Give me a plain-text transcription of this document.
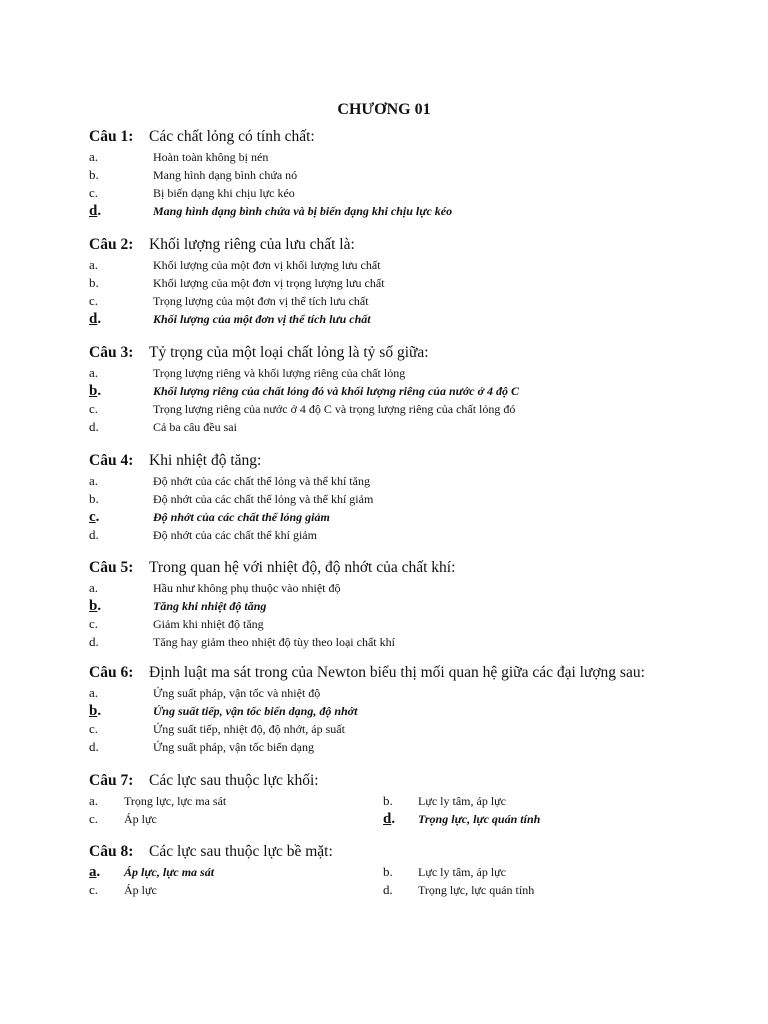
CHƯƠNG 01
Câu 1: Các chất lỏng có tính chất:
a.	Hoàn toàn không bị nén
b.	Mang hình dạng bình chứa nó
c.	Bị biến dạng khi chịu lực kéo
d.	Mang hình dạng bình chứa và bị biến dạng khi chịu lực kéo
Câu 2: Khối lượng riêng của lưu chất là:
a.	Khối lượng của một đơn vị khối lượng lưu chất
b.	Khối lượng của một đơn vị trọng lượng lưu chất
c.	Trọng lượng của một đơn vị thể tích lưu chất
d.	Khối lượng của một đơn vị thể tích lưu chất
Câu 3: Tỷ trọng của một loại chất lỏng là tỷ số giữa:
a.	Trọng lượng riêng và khối lượng riêng của chất lỏng
b.	Khối lượng riêng của chất lỏng đó và khối lượng riêng của nước ở 4 độ C
c.	Trọng lượng riêng của nước ở 4 độ C và trọng lượng riêng của chất lỏng đó
d.	Cả ba câu đều sai
Câu 4: Khi nhiệt độ tăng:
a.	Độ nhớt của các chất thể lỏng và thể khí tăng
b.	Độ nhớt của các chất thể lỏng và thể khí giảm
c.	Độ nhớt của các chất thể lỏng giảm
d.	Độ nhớt của các chất thể khí giảm
Câu 5: Trong quan hệ với nhiệt độ, độ nhớt của chất khí:
a.	Hầu như không phụ thuộc vào nhiệt độ
b.	Tăng khi nhiệt độ tăng
c.	Giảm khi nhiệt độ tăng
d.	Tăng hay giảm theo nhiệt độ tùy theo loại chất khí
Câu 6: Định luật ma sát trong của Newton biểu thị mối quan hệ giữa các đại lượng sau:
a.	Ứng suất pháp, vận tốc và nhiệt độ
b.	Ứng suất tiếp, vận tốc biến dạng, độ nhớt
c.	Ứng suất tiếp, nhiệt độ, độ nhớt, áp suất
d.	Ứng suất pháp, vận tốc biến dạng
Câu 7: Các lực sau thuộc lực khối:
a. Trọng lực, lực ma sát	b. Lực ly tâm, áp lực
c. Áp lực	d. Trọng lực, lực quán tính
Câu 8: Các lực sau thuộc lực bề mặt:
a. Áp lực, lực ma sát	b. Lực ly tâm, áp lực
c. Áp lực	d. Trọng lực, lực quán tính
